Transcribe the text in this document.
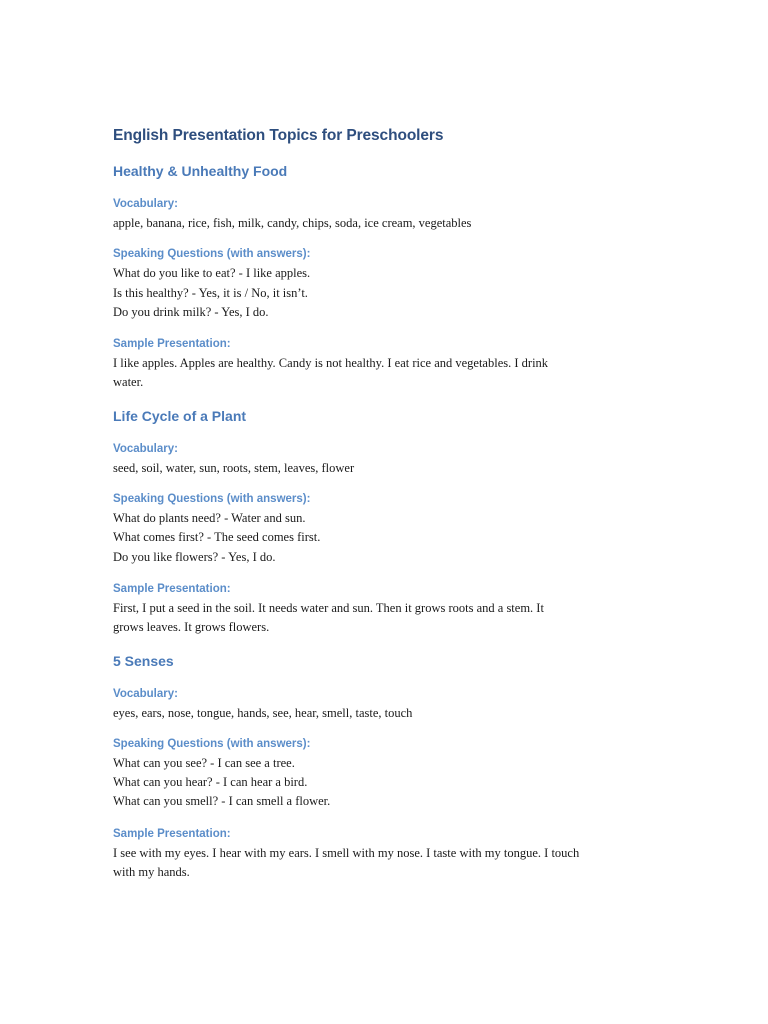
English Presentation Topics for Preschoolers
Healthy & Unhealthy Food
Vocabulary:

apple, banana, rice, fish, milk, candy, chips, soda, ice cream, vegetables

Speaking Questions (with answers):

What do you like to eat? - I like apples.

Is this healthy? - Yes, it is / No, it isn’t.

Do you drink milk? - Yes, I do.

Sample Presentation:

I like apples. Apples are healthy. Candy is not healthy. I eat rice and vegetables. I drink

water.

Life Cycle of a Plant
Vocabulary:

seed, soil, water, sun, roots, stem, leaves, flower

Speaking Questions (with answers):

What do plants need? - Water and sun.

What comes first? - The seed comes first.

Do you like flowers? - Yes, I do.

Sample Presentation:

First, I put a seed in the soil. It needs water and sun. Then it grows roots and a stem. It

grows leaves. It grows flowers.

5 Senses
Vocabulary:

eyes, ears, nose, tongue, hands, see, hear, smell, taste, touch

Speaking Questions (with answers):

What can you see? - I can see a tree.

What can you hear? - I can hear a bird.

What can you smell? - I can smell a flower.

Sample Presentation:

I see with my eyes. I hear with my ears. I smell with my nose. I taste with my tongue. I touch

with my hands.
